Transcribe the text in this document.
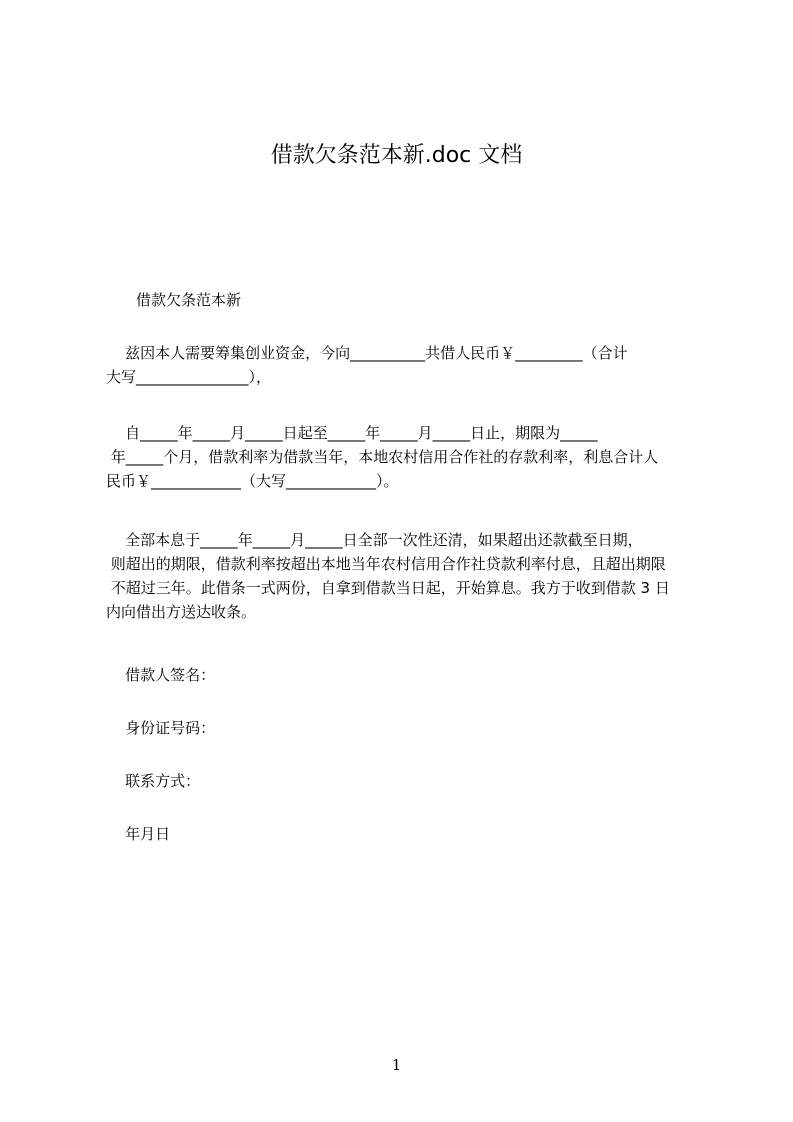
借款欠条范本新.doc 文档
借款欠条范本新
兹因本人需要筹集创业资金，今向__________共借人民币￥_________（合计
大写_______________），
自_____年_____月_____日起至_____年_____月_____日止，期限为_____
年_____个月，借款利率为借款当年，本地农村信用合作社的存款利率，利息合计人
民币￥____________（大写____________）。
全部本息于_____年_____月_____日全部一次性还清，如果超出还款截至日期，
则超出的期限，借款利率按超出本地当年农村信用合作社贷款利率付息，且超出期限
不超过三年。此借条一式两份，自拿到借款当日起，开始算息。我方于收到借款 3 日
内向借出方送达收条。
借款人签名：
身份证号码：
联系方式：
年月日
1
